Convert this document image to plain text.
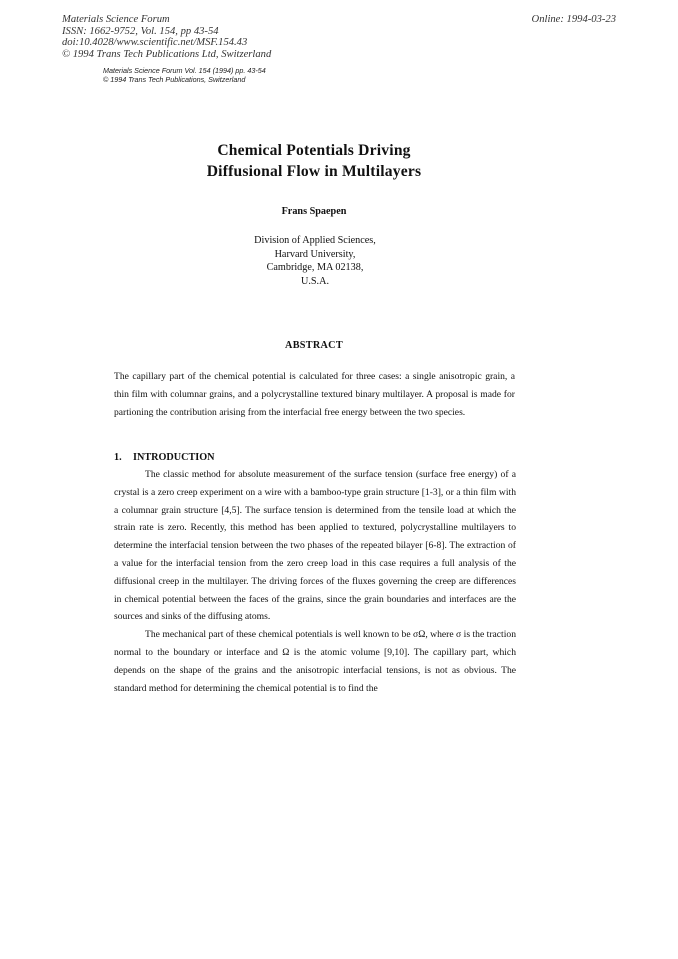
Materials Science Forum
ISSN: 1662-9752, Vol. 154, pp 43-54
doi:10.4028/www.scientific.net/MSF.154.43
© 1994 Trans Tech Publications Ltd, Switzerland
Online: 1994-03-23
Materials Science Forum Vol. 154 (1994) pp. 43-54
© 1994 Trans Tech Publications, Switzerland
Chemical Potentials Driving
Diffusional Flow in Multilayers
Frans Spaepen
Division of Applied Sciences,
Harvard University,
Cambridge, MA 02138,
U.S.A.
ABSTRACT
The capillary part of the chemical potential is calculated for three cases: a single anisotropic grain, a thin film with columnar grains, and a polycrystalline textured binary multilayer. A proposal is made for partioning the contribution arising from the interfacial free energy between the two species.
1. INTRODUCTION

The classic method for absolute measurement of the surface tension (surface free energy) of a crystal is a zero creep experiment on a wire with a bamboo-type grain structure [1-3], or a thin film with a columnar grain structure [4,5]. The surface tension is determined from the tensile load at which the strain rate is zero. Recently, this method has been applied to textured, polycrystalline multilayers to determine the interfacial tension between the two phases of the repeated bilayer [6-8]. The extraction of a value for the interfacial tension from the zero creep load in this case requires a full analysis of the diffusional creep in the multilayer. The driving forces of the fluxes governing the creep are differences in chemical potential between the faces of the grains, since the grain boundaries and interfaces are the sources and sinks of the diffusing atoms.

The mechanical part of these chemical potentials is well known to be σΩ, where σ is the traction normal to the boundary or interface and Ω is the atomic volume [9,10]. The capillary part, which depends on the shape of the grains and the anisotropic interfacial tensions, is not as obvious. The standard method for determining the chemical potential is to find the
